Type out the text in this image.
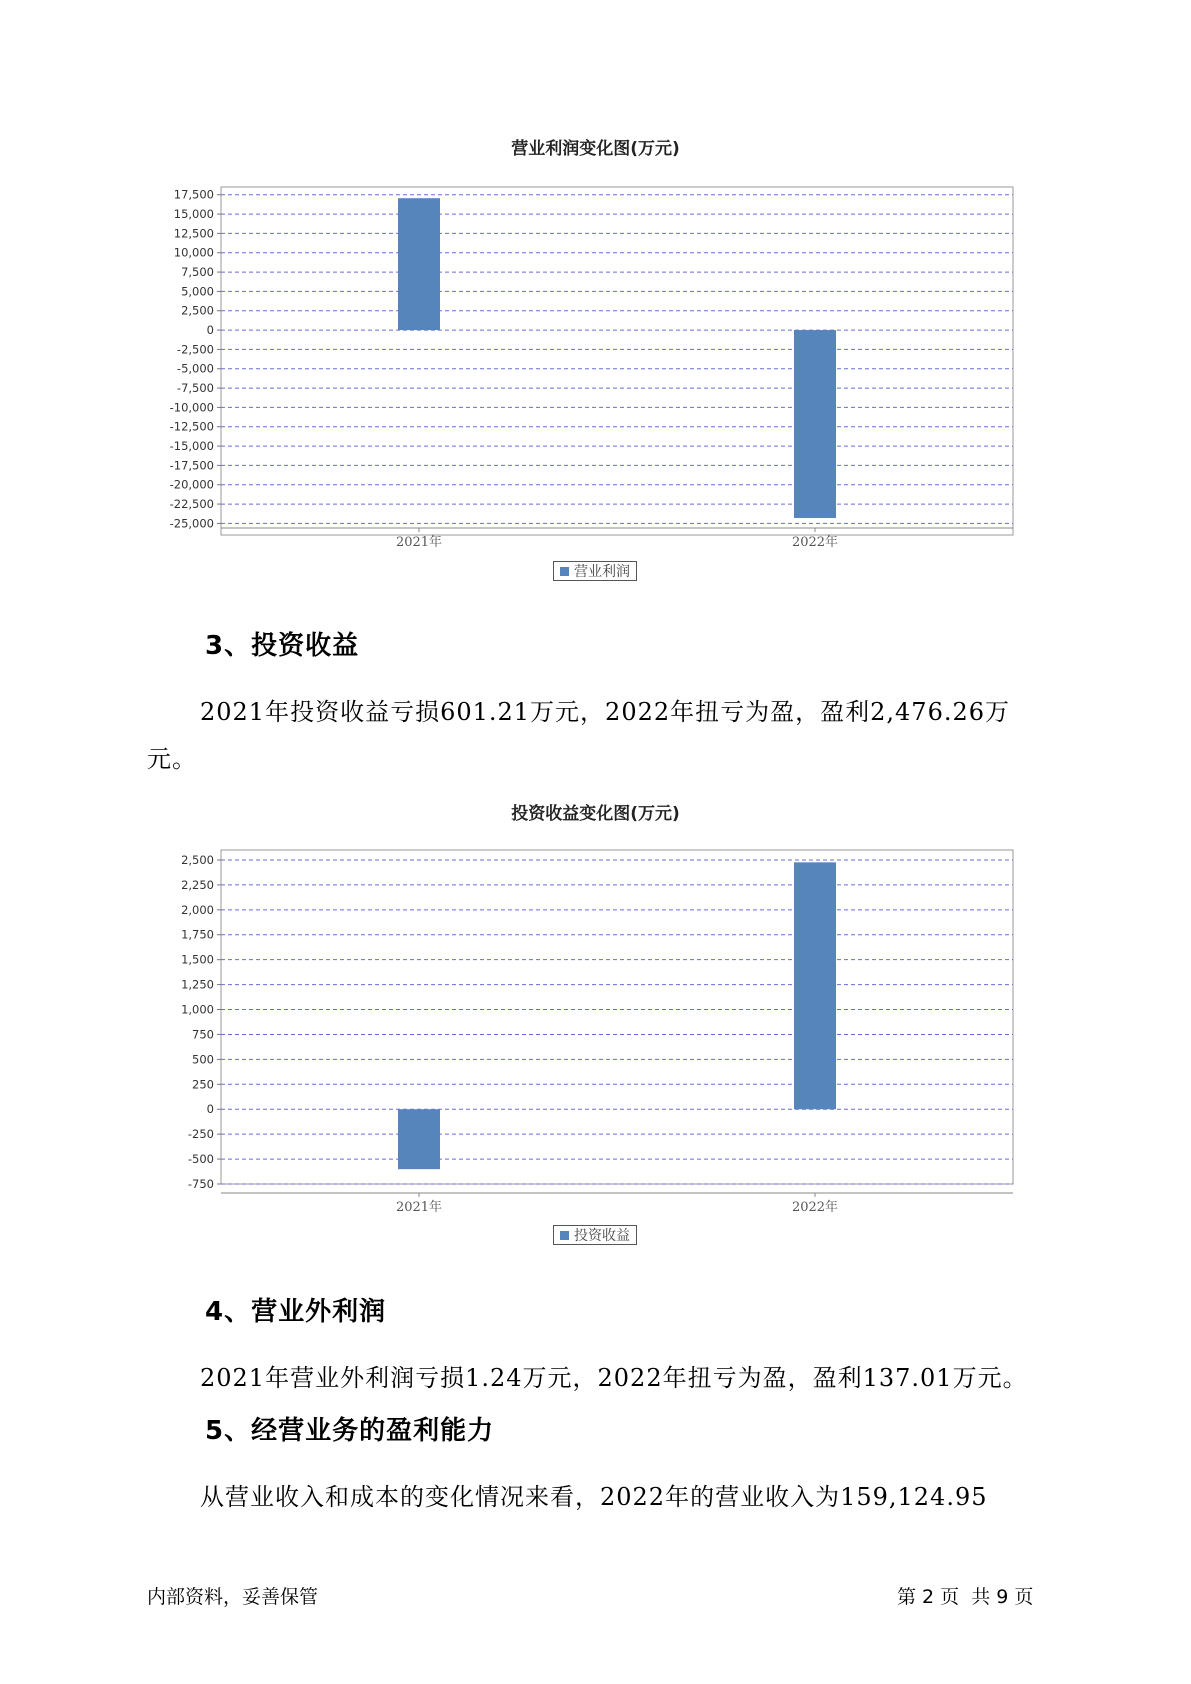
营业利润变化图(万元)
17,500
15,000
12,500
10,000
7,500
5,000
2,500
0
-2,500
-5,000
-7,500
-10,000
-12,500
-15,000
-17,500
-20,000
-22,500
-25,000
2021年	2022年
营业利润
3、投资收益
2021年投资收益亏损601.21万元，2022年扭亏为盈，盈利2,476.26万
元。
投资收益变化图(万元)
2,500
2,250
2,000
1,750
1,500
1,250
1,000
750
500
250
0
-250
-500
-750
2021年	2022年
投资收益
4、营业外利润
2021年营业外利润亏损1.24万元，2022年扭亏为盈，盈利137.01万元。
5、经营业务的盈利能力
从营业收入和成本的变化情况来看，2022年的营业收入为159,124.95
内部资料，妥善保管	第 2 页  共 9 页
